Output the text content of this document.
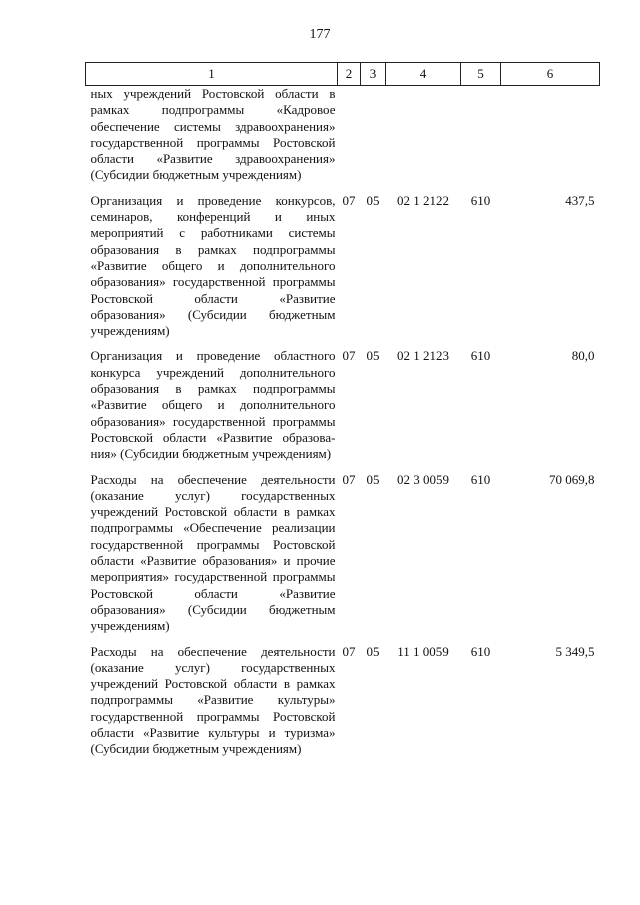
177
1	2	3	4	5	6
ных учреждений Ростовской области в рамках подпрограммы «Кадровое обеспечение системы здравоохранения» государственной программы Ростовской области «Развитие здравоохранения» (Субсидии бюджетным учреждениям)					
Организация и проведение конкурсов, семинаров, конференций и иных мероприятий с работниками системы образования в рамках подпрограммы «Развитие общего и дополнительного образования» государственной программы Ростовской области «Развитие образования» (Субсидии бюджетным учреждениям)	07	05	02 1 2122	610	437,5
Организация и проведение областного конкурса учреждений дополнительного образования в рамках подпрограммы «Развитие общего и дополнительного образования» государственной программы Ростовской области «Развитие образования» (Субсидии бюджетным учреждениям)	07	05	02 1 2123	610	80,0
Расходы на обеспечение деятельности (оказание услуг) государственных учреждений Ростовской области в рамках подпрограммы «Обеспечение реализации государственной программы Ростовской области «Развитие образования» и прочие мероприятия» государственной программы Ростовской области «Развитие образования» (Субсидии бюджетным учреждениям)	07	05	02 3 0059	610	70 069,8
Расходы на обеспечение деятельности (оказание услуг) государственных учреждений Ростовской области в рамках подпрограммы «Развитие культуры» государственной программы Ростовской области «Развитие культуры и туризма» (Субсидии бюджетным учреждениям)	07	05	11 1 0059	610	5 349,5
